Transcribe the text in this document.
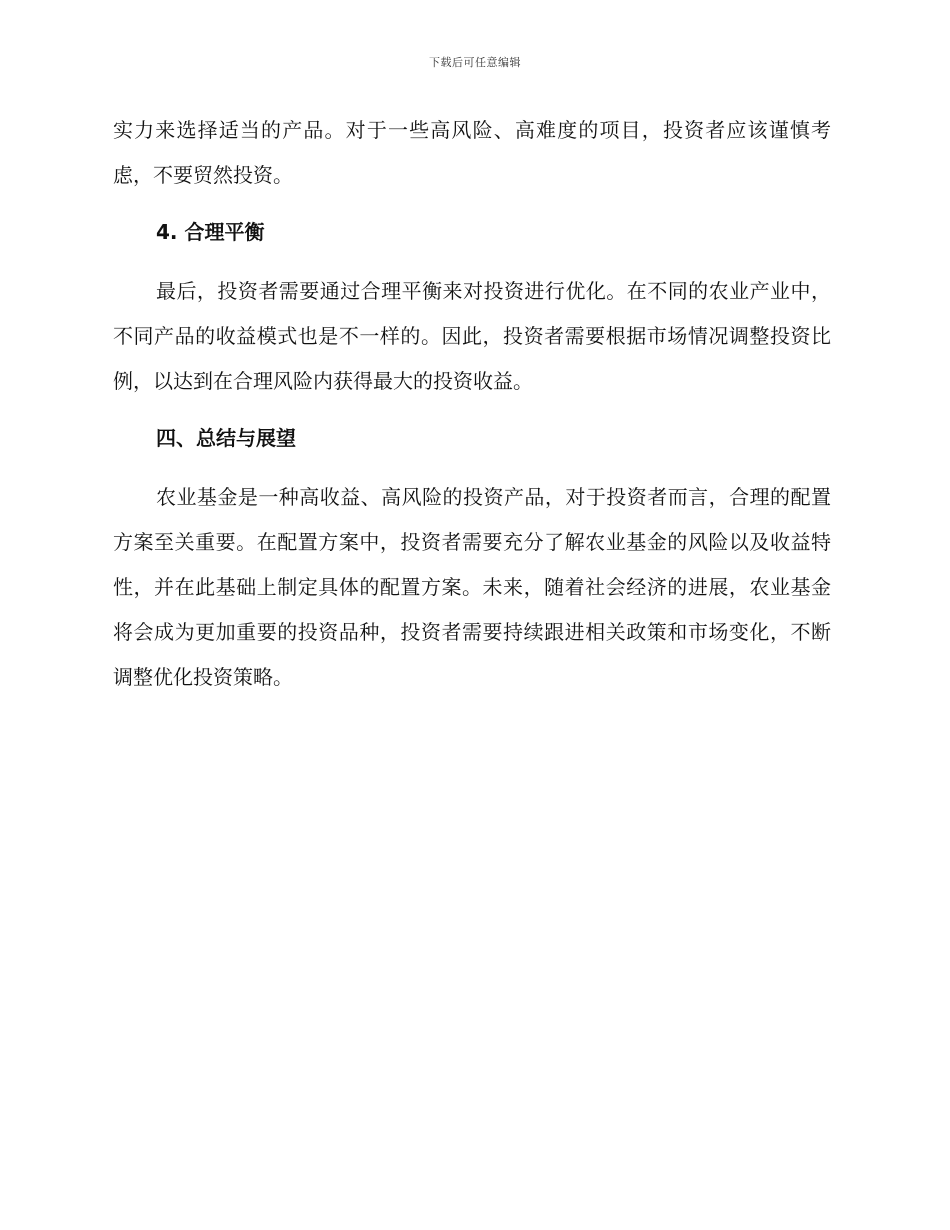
下载后可任意编辑

实力来选择适当的产品。对于一些高风险、高难度的项目，投资者应该谨慎考虑，不要贸然投资。

4. 合理平衡

最后，投资者需要通过合理平衡来对投资进行优化。在不同的农业产业中，不同产品的收益模式也是不一样的。因此，投资者需要根据市场情况调整投资比例，以达到在合理风险内获得最大的投资收益。

四、总结与展望

农业基金是一种高收益、高风险的投资产品，对于投资者而言，合理的配置方案至关重要。在配置方案中，投资者需要充分了解农业基金的风险以及收益特性，并在此基础上制定具体的配置方案。未来，随着社会经济的进展，农业基金将会成为更加重要的投资品种，投资者需要持续跟进相关政策和市场变化，不断调整优化投资策略。
